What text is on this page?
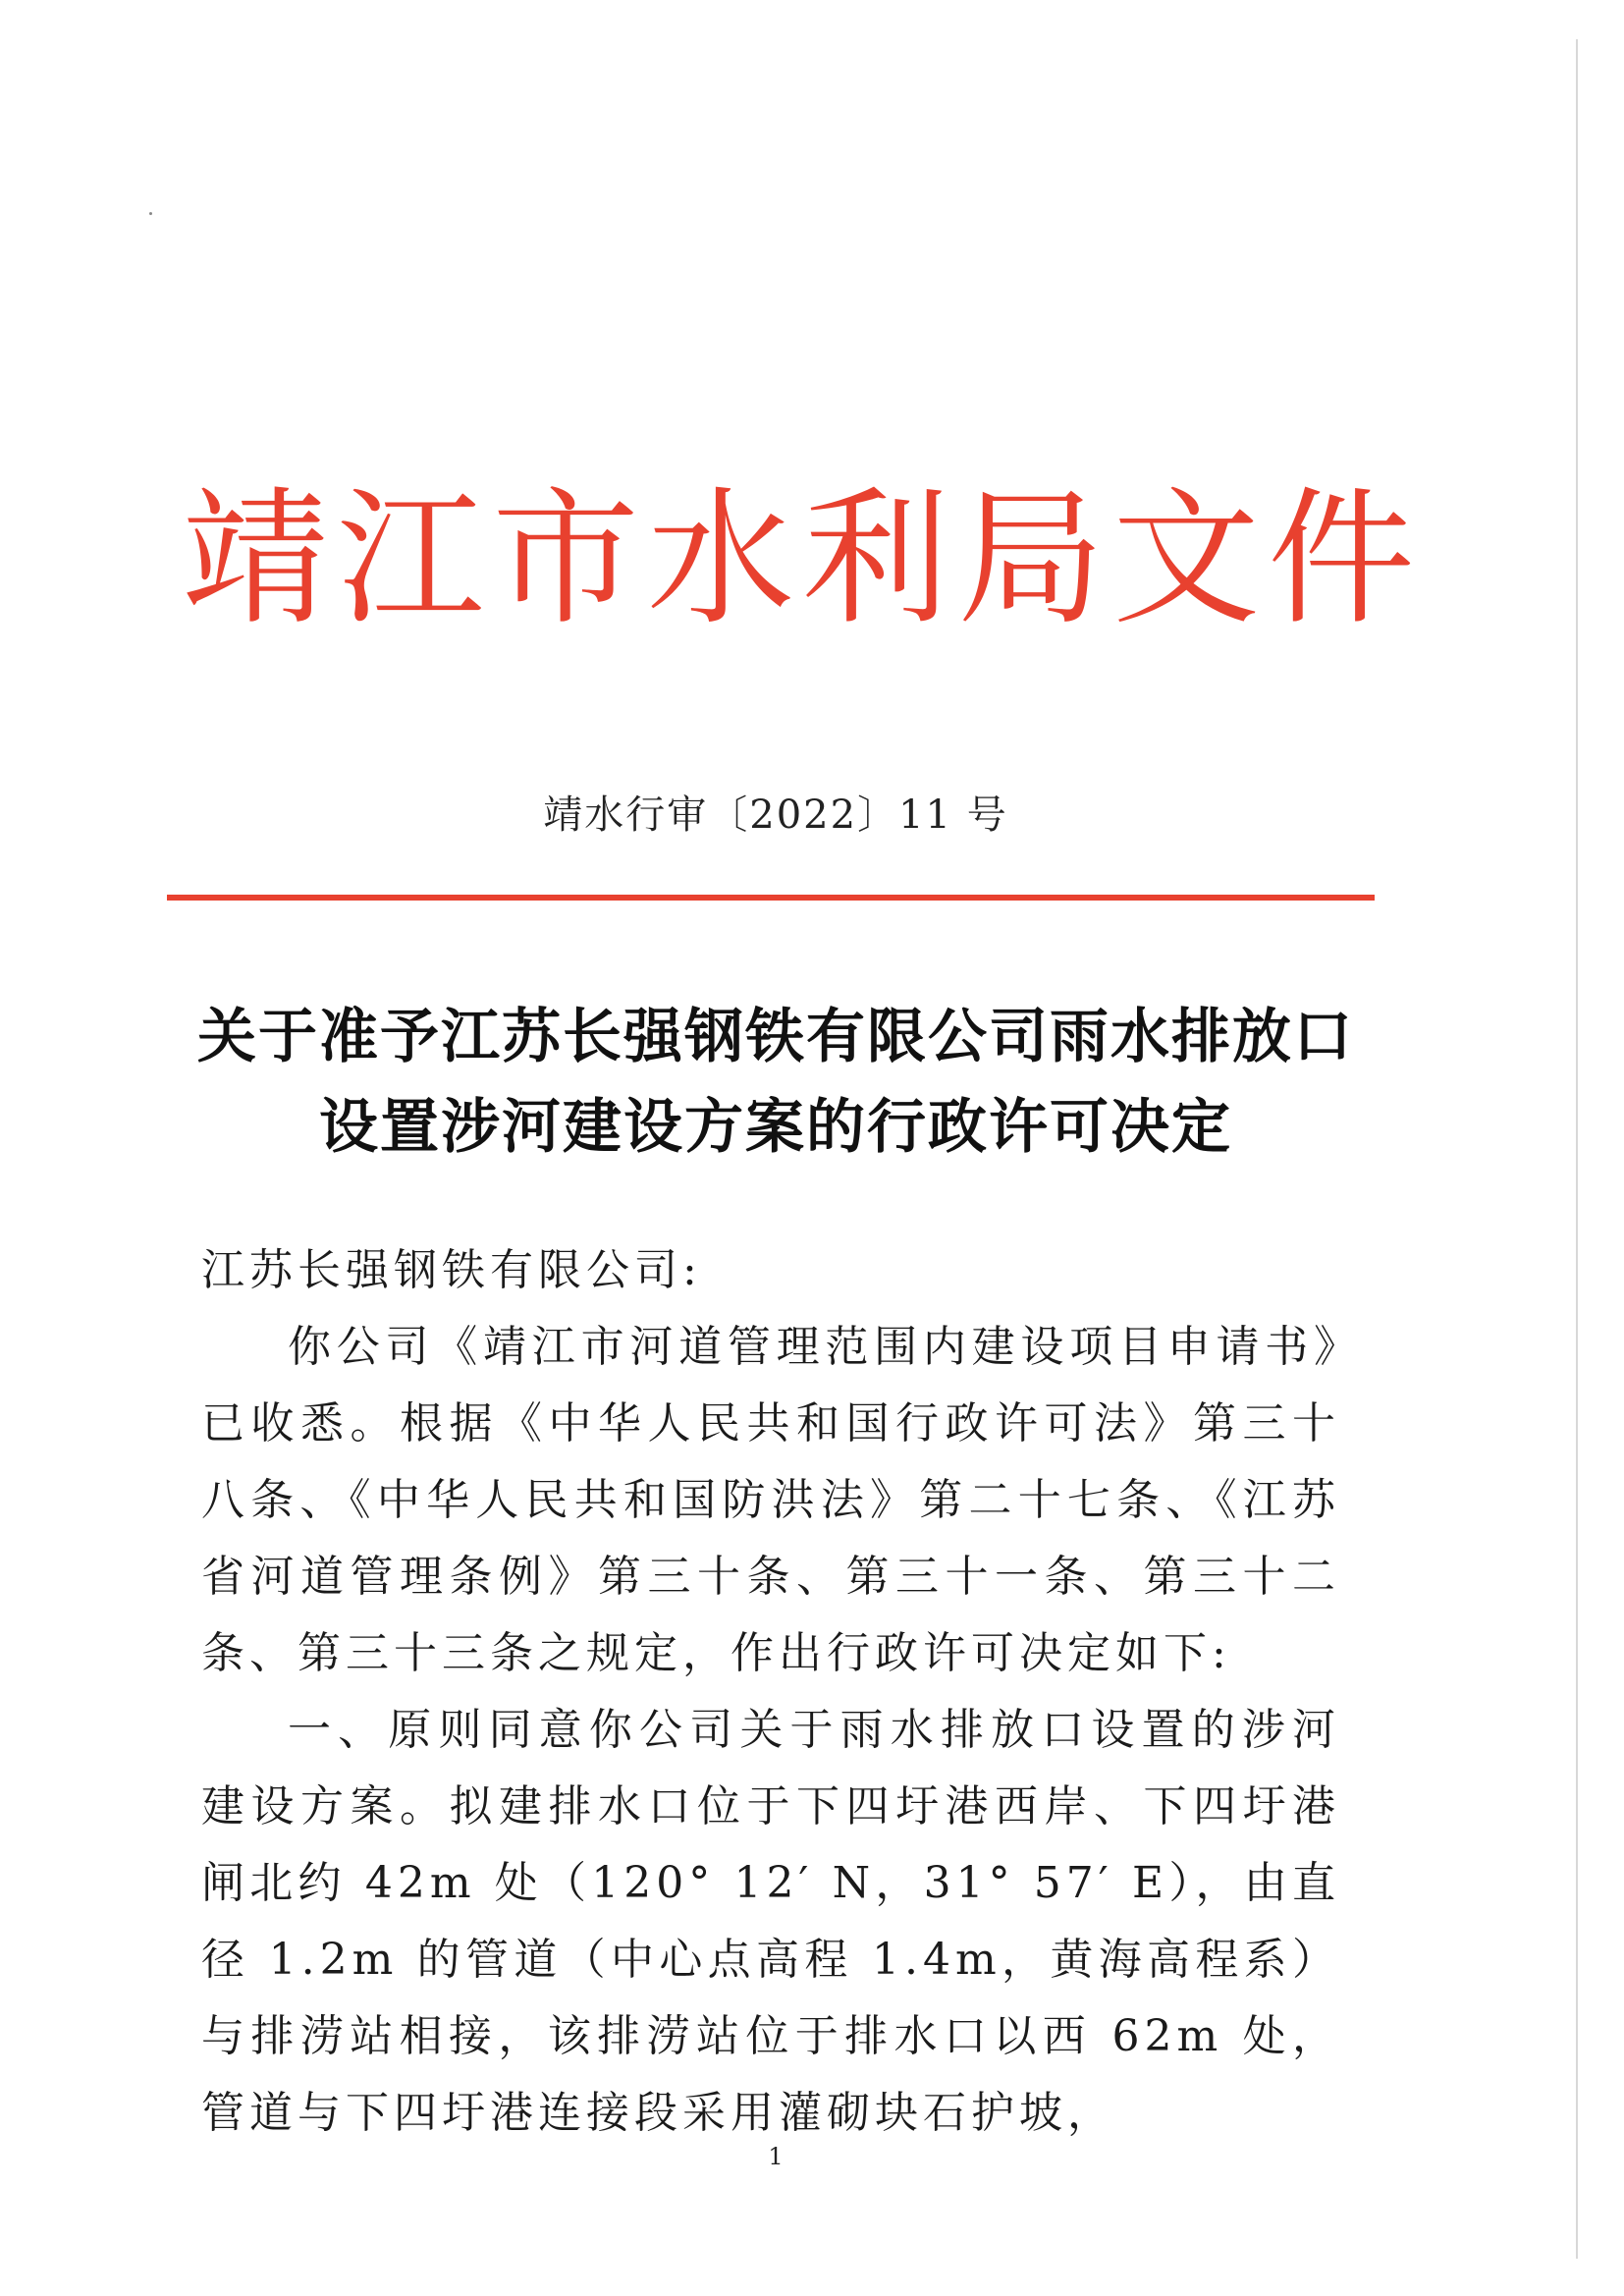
靖江市水利局文件
靖水行审〔2022〕11 号
关于准予江苏长强钢铁有限公司雨水排放口
设置涉河建设方案的行政许可决定

江苏长强钢铁有限公司:

你公司《靖江市河道管理范围内建设项目申请书》已收悉。根据《中华人民共和国行政许可法》第三十八条、《中华人民共和国防洪法》第二十七条、《江苏省河道管理条例》第三十条、第三十一条、第三十二条、第三十三条之规定，作出行政许可决定如下:

一、原则同意你公司关于雨水排放口设置的涉河建设方案。拟建排水口位于下四圩港西岸、下四圩港闸北约 42m 处（120° 12′ N，31° 57′ E），由直径 1.2m 的管道（中心点高程 1.4m，黄海高程系）与排涝站相接，该排涝站位于排水口以西 62m 处，管道与下四圩港连接段采用灌砌块石护坡，

1
